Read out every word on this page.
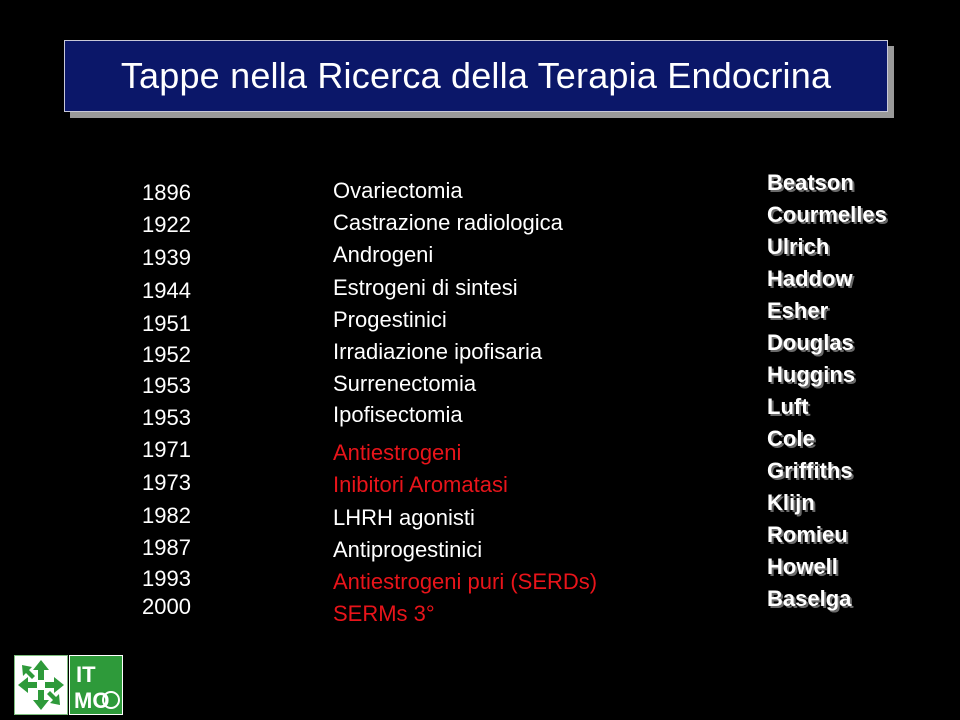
Tappe nella Ricerca della Terapia Endocrina
1896
1922
1939
1944
1951
1952
1953
1953
1971
1973
1982
1987
1993
2000
Ovariectomia
Castrazione radiologica
Androgeni
Estrogeni di sintesi
Progestinici
Irradiazione ipofisaria
Surrenectomia
Ipofisectomia
Antiestrogeni
Inibitori Aromatasi
LHRH agonisti
Antiprogestinici
Antiestrogeni puri (SERDs)
SERMs 3°
Beatson
Courmelles
Ulrich
Haddow
Esher
Douglas
Huggins
Luft
Cole
Griffiths
Klijn
Romieu
Howell
Baselga
IT
MO
